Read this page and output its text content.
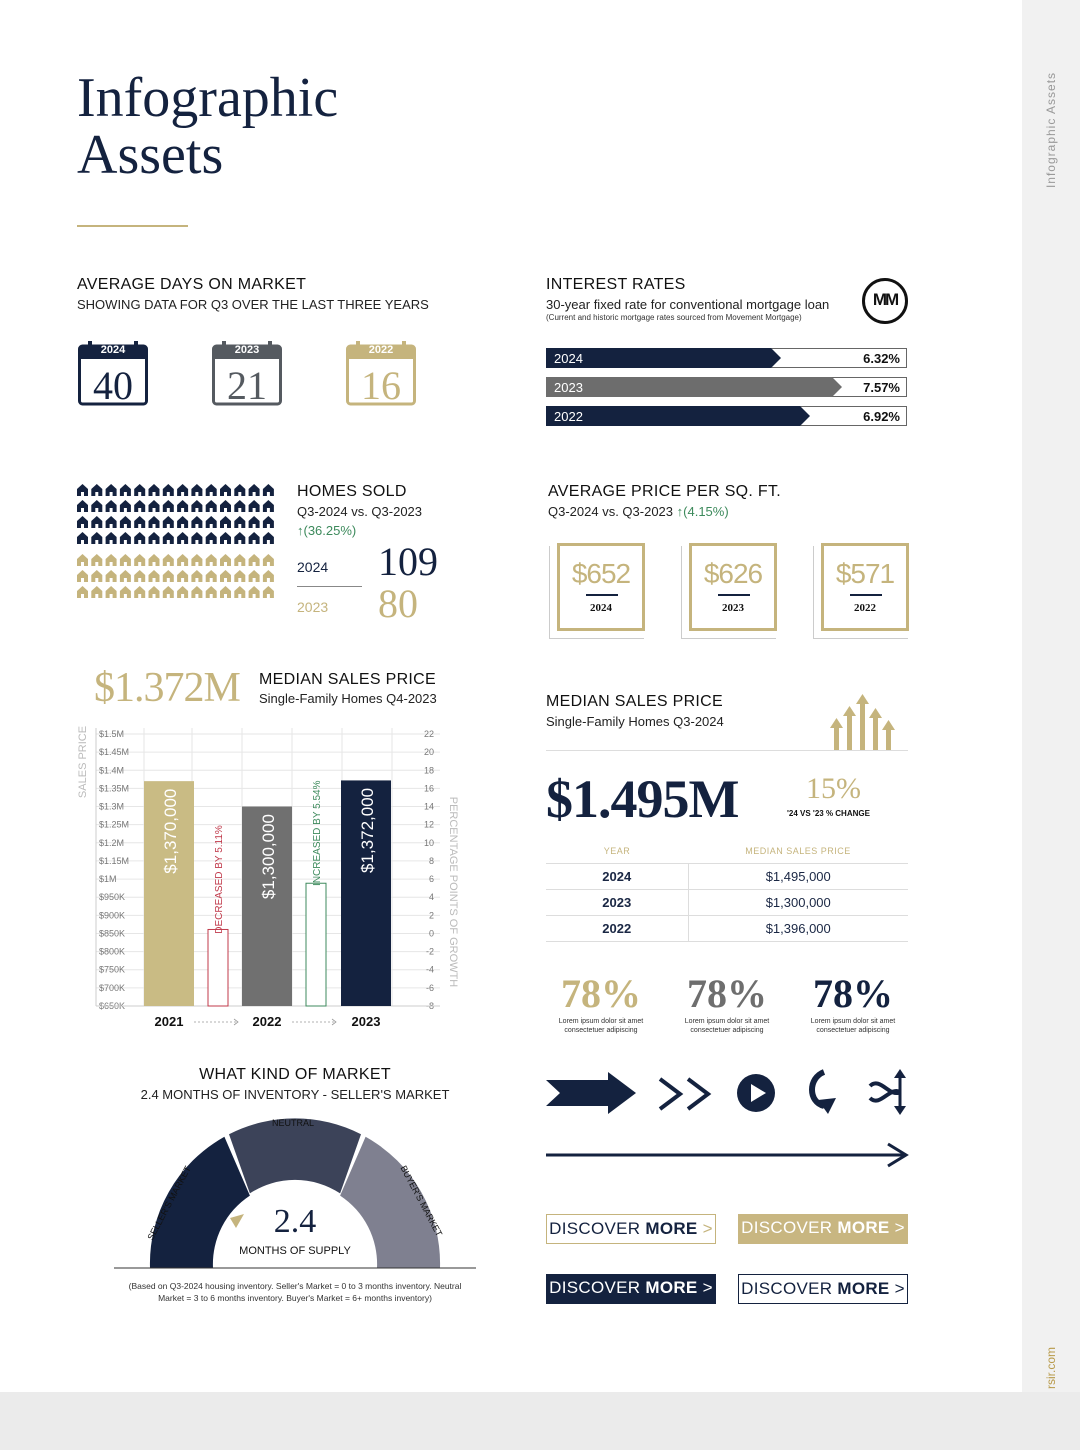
Infographic Assets
rsir.com
Infographic
Assets
AVERAGE DAYS ON MARKET
SHOWING DATA FOR Q3 OVER THE LAST THREE YEARS
2024
40
2023
21
2022
16
INTEREST RATES
30-year fixed rate for conventional mortgage loan
(Current and historic mortgage rates sourced from Movement Mortgage)
MM
2024	6.32%
2023	7.57%
2022	6.92%
HOMES SOLD
Q3-2024 vs. Q3-2023
↑(36.25%)
2024 109
2023 80
AVERAGE PRICE PER SQ. FT.
Q3-2024 vs. Q3-2023 ↑(4.15%)
$652
2024
$626
2023
$571
2022
$1.372M MEDIAN SALES PRICE
Single-Family Homes Q4-2023
$1.5M	22
$1.45M	20
$1.4M	18
$1.35M	16
$1.3M	14
$1.25M	12
$1.2M	10
$1.15M	8
$1M	6
$950K	4
$900K	2
$850K	0
$800K	-2
$750K	-4
$700K	-6
$650K	-8
SALES PRICE
PERCENTAGE POINTS OF GROWTH
$1,370,000
2021
$1,300,000
2022
$1,372,000
2023
DECREASED BY 5.11%	INCREASED BY 5.54%
MEDIAN SALES PRICE
Single-Family Homes Q3-2024
$1.495M 15%
'24 VS '23 % CHANGE
YEAR	MEDIAN SALES PRICE
2024	$1,495,000
2023	$1,300,000
2022	$1,396,000
78%
Lorem ipsum dolor sit amet
consectetuer adipiscing
78%
Lorem ipsum dolor sit amet
consectetuer adipiscing
78%
Lorem ipsum dolor sit amet
consectetuer adipiscing
DISCOVER MORE > DISCOVER MORE >
DISCOVER MORE > DISCOVER MORE >
WHAT KIND OF MARKET
2.4 MONTHS OF INVENTORY - SELLER'S MARKET
NEUTRAL
SELLER'S MARKET	BUYER'S MARKET
2.4
MONTHS OF SUPPLY
(Based on Q3-2024 housing inventory. Seller's Market = 0 to 3 months inventory. Neutral
Market = 3 to 6 months inventory. Buyer's Market = 6+ months inventory)
